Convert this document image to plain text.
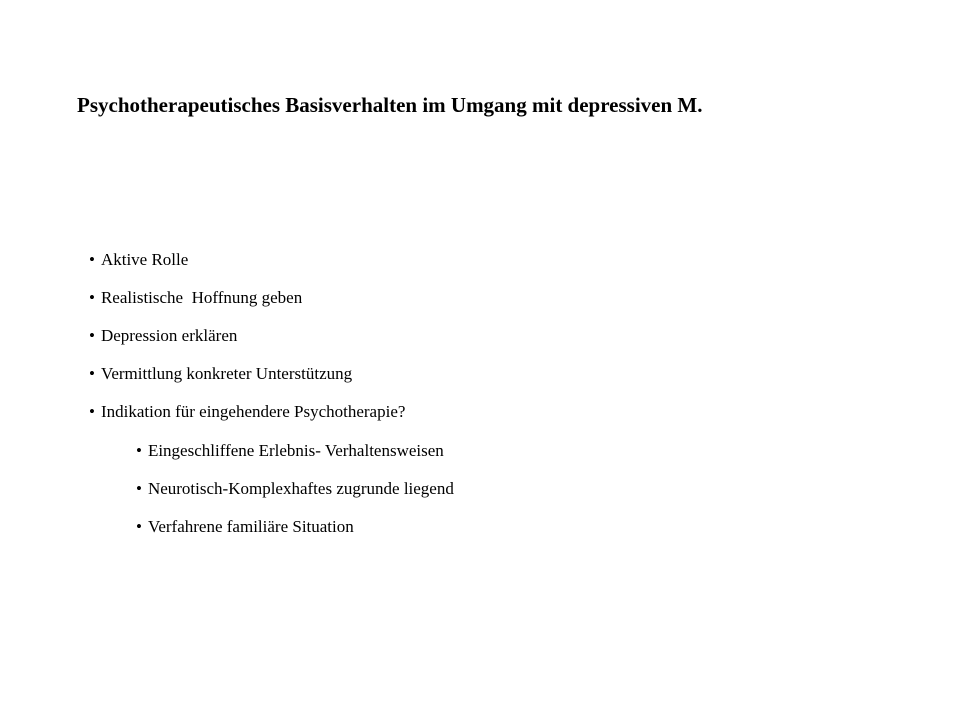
Psychotherapeutisches Basisverhalten im Umgang mit depressiven M.
• Aktive Rolle
• Realistische  Hoffnung geben
• Depression erklären
• Vermittlung konkreter Unterstützung
• Indikation für eingehendere Psychotherapie?
• Eingeschliffene Erlebnis- Verhaltensweisen
• Neurotisch-Komplexhaftes zugrunde liegend
• Verfahrene familiäre Situation
